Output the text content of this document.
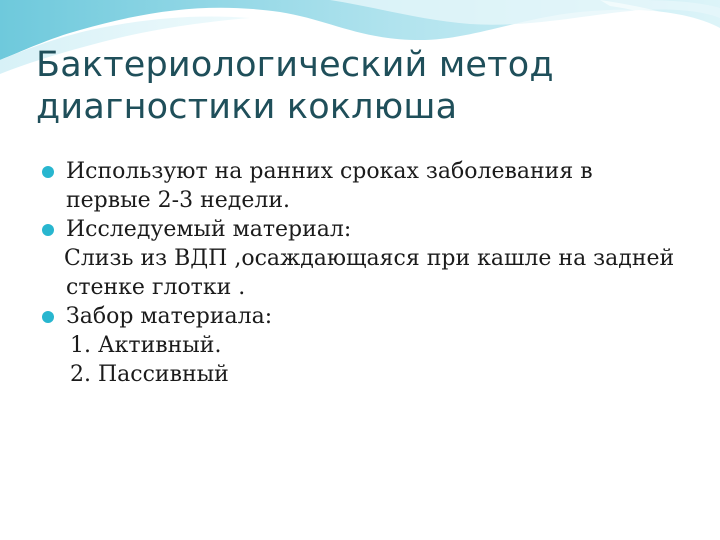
Бактериологический метод
диагностики коклюша
Используют на ранних сроках заболевания в
первые 2-3 недели.
Исследуемый материал:
Слизь из ВДП ,осаждающаяся при кашле на задней
стенке глотки .
Забор материала:
1. Активный.
2. Пассивный
